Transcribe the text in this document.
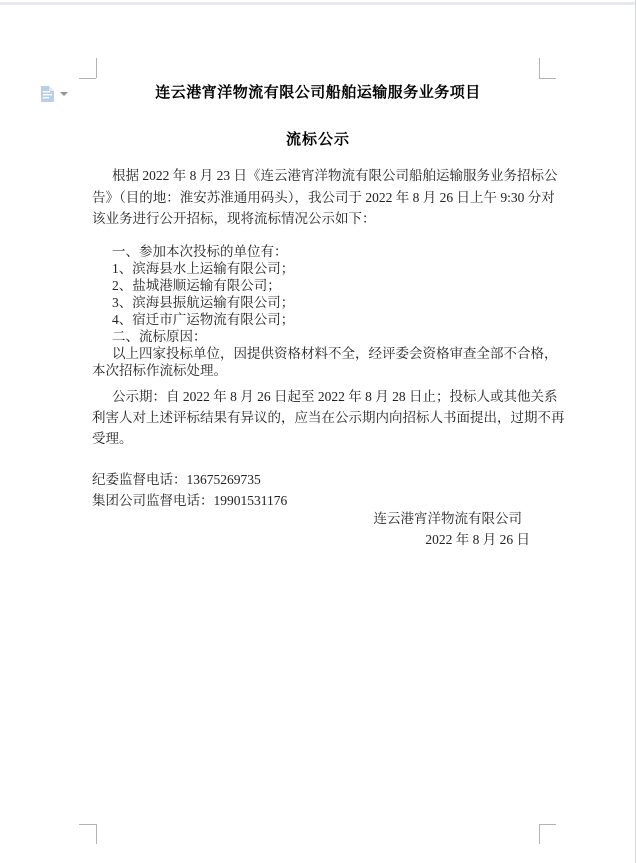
连云港宵洋物流有限公司船舶运输服务业务项目
流标公示
根据 2022 年 8 月 23 日《连云港宵洋物流有限公司船舶运输服务业务招标公
告》（目的地：淮安苏淮通用码头），我公司于 2022 年 8 月 26 日上午 9:30 分对
该业务进行公开招标，现将流标情况公示如下：
一、参加本次投标的单位有：
1、滨海县水上运输有限公司；
2、盐城港顺运输有限公司；
3、滨海县振航运输有限公司；
4、宿迁市广运物流有限公司；
二、流标原因：
以上四家投标单位，因提供资格材料不全，经评委会资格审查全部不合格，
本次招标作流标处理。
公示期：自 2022 年 8 月 26 日起至 2022 年 8 月 28 日止；投标人或其他关系
利害人对上述评标结果有异议的，应当在公示期内向招标人书面提出，过期不再
受理。
纪委监督电话：13675269735
集团公司监督电话：19901531176
连云港宵洋物流有限公司
2022 年 8 月 26 日
